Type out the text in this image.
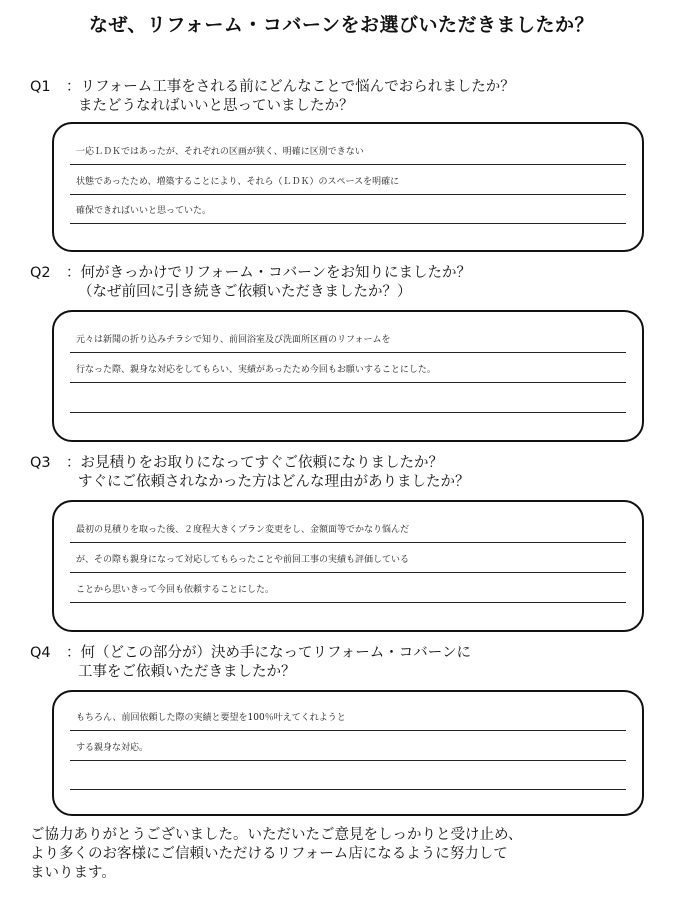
なぜ、リフォーム・コバーンをお選びいただきましたか？
Q1 ：リフォーム工事をされる前にどんなことで悩んでおられましたか？
またどうなればいいと思っていましたか？
一応ＬＤＫではあったが、それぞれの区画が狭く、明確に区別できない
状態であったため、増築することにより、それら（ＬＤＫ）のスペースを明確に
確保できればいいと思っていた。
Q2 ：何がきっかけでリフォーム・コバーンをお知りにましたか？
（なぜ前回に引き続きご依頼いただきましたか？）
元々は新聞の折り込みチラシで知り、前回浴室及び洗面所区画のリフォームを
行なった際、親身な対応をしてもらい、実績があったため今回もお願いすることにした。
Q3 ：お見積りをお取りになってすぐご依頼になりましたか？
すぐにご依頼されなかった方はどんな理由がありましたか？
最初の見積りを取った後、２度程大きくプラン変更をし、金額面等でかなり悩んだ
が、その際も親身になって対応してもらったことや前回工事の実績も評価している
ことから思いきって今回も依頼することにした。
Q4 ：何（どこの部分が）決め手になってリフォーム・コバーンに
工事をご依頼いただきましたか？
もちろん、前回依頼した際の実績と要望を100％叶えてくれようと
する親身な対応。
ご協力ありがとうございました。いただいたご意見をしっかりと受け止め、
より多くのお客様にご信頼いただけるリフォーム店になるように努力して
まいります。
